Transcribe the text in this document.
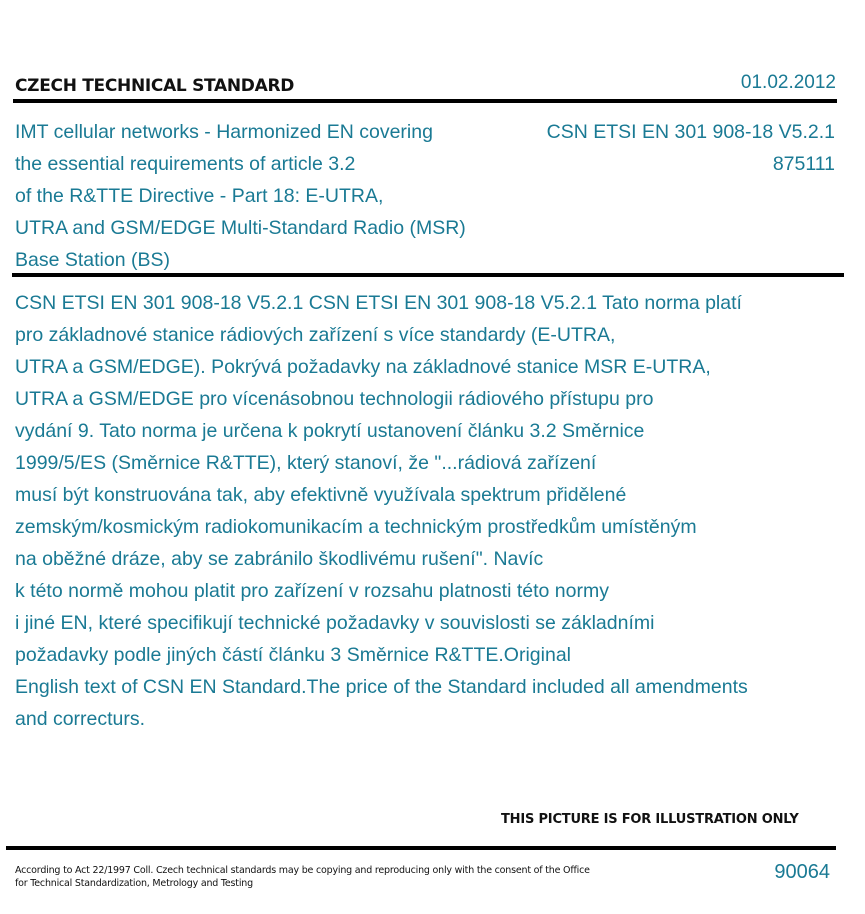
CZECH TECHNICAL STANDARD	01.02.2012
IMT cellular networks - Harmonized EN covering
the essential requirements of article 3.2
of the R&TTE Directive - Part 18: E-UTRA,
UTRA and GSM/EDGE Multi-Standard Radio (MSR)
Base Station (BS)
CSN ETSI EN 301 908-18 V5.2.1
875111
CSN ETSI EN 301 908-18 V5.2.1 CSN ETSI EN 301 908-18 V5.2.1 Tato norma platí
pro základnové stanice rádiových zařízení s více standardy (E-UTRA,
UTRA a GSM/EDGE). Pokrývá požadavky na základnové stanice MSR E-UTRA,
UTRA a GSM/EDGE pro vícenásobnou technologii rádiového přístupu pro
vydání 9. Tato norma je určena k pokrytí ustanovení článku 3.2 Směrnice
1999/5/ES (Směrnice R&TTE), který stanoví, že "...rádiová zařízení
musí být konstruována tak, aby efektivně využívala spektrum přidělené
zemským/kosmickým radiokomunikacím a technickým prostředkům umístěným
na oběžné dráze, aby se zabránilo škodlivému rušení". Navíc
k této normě mohou platit pro zařízení v rozsahu platnosti této normy
i jiné EN, které specifikují technické požadavky v souvislosti se základními
požadavky podle jiných částí článku 3 Směrnice R&TTE.Original
English text of CSN EN Standard.The price of the Standard included all amendments
and correcturs.
THIS PICTURE IS FOR ILLUSTRATION ONLY
According to Act 22/1997 Coll. Czech technical standards may be copying and reproducing only with the consent of the Office
for Technical Standardization, Metrology and Testing
90064
